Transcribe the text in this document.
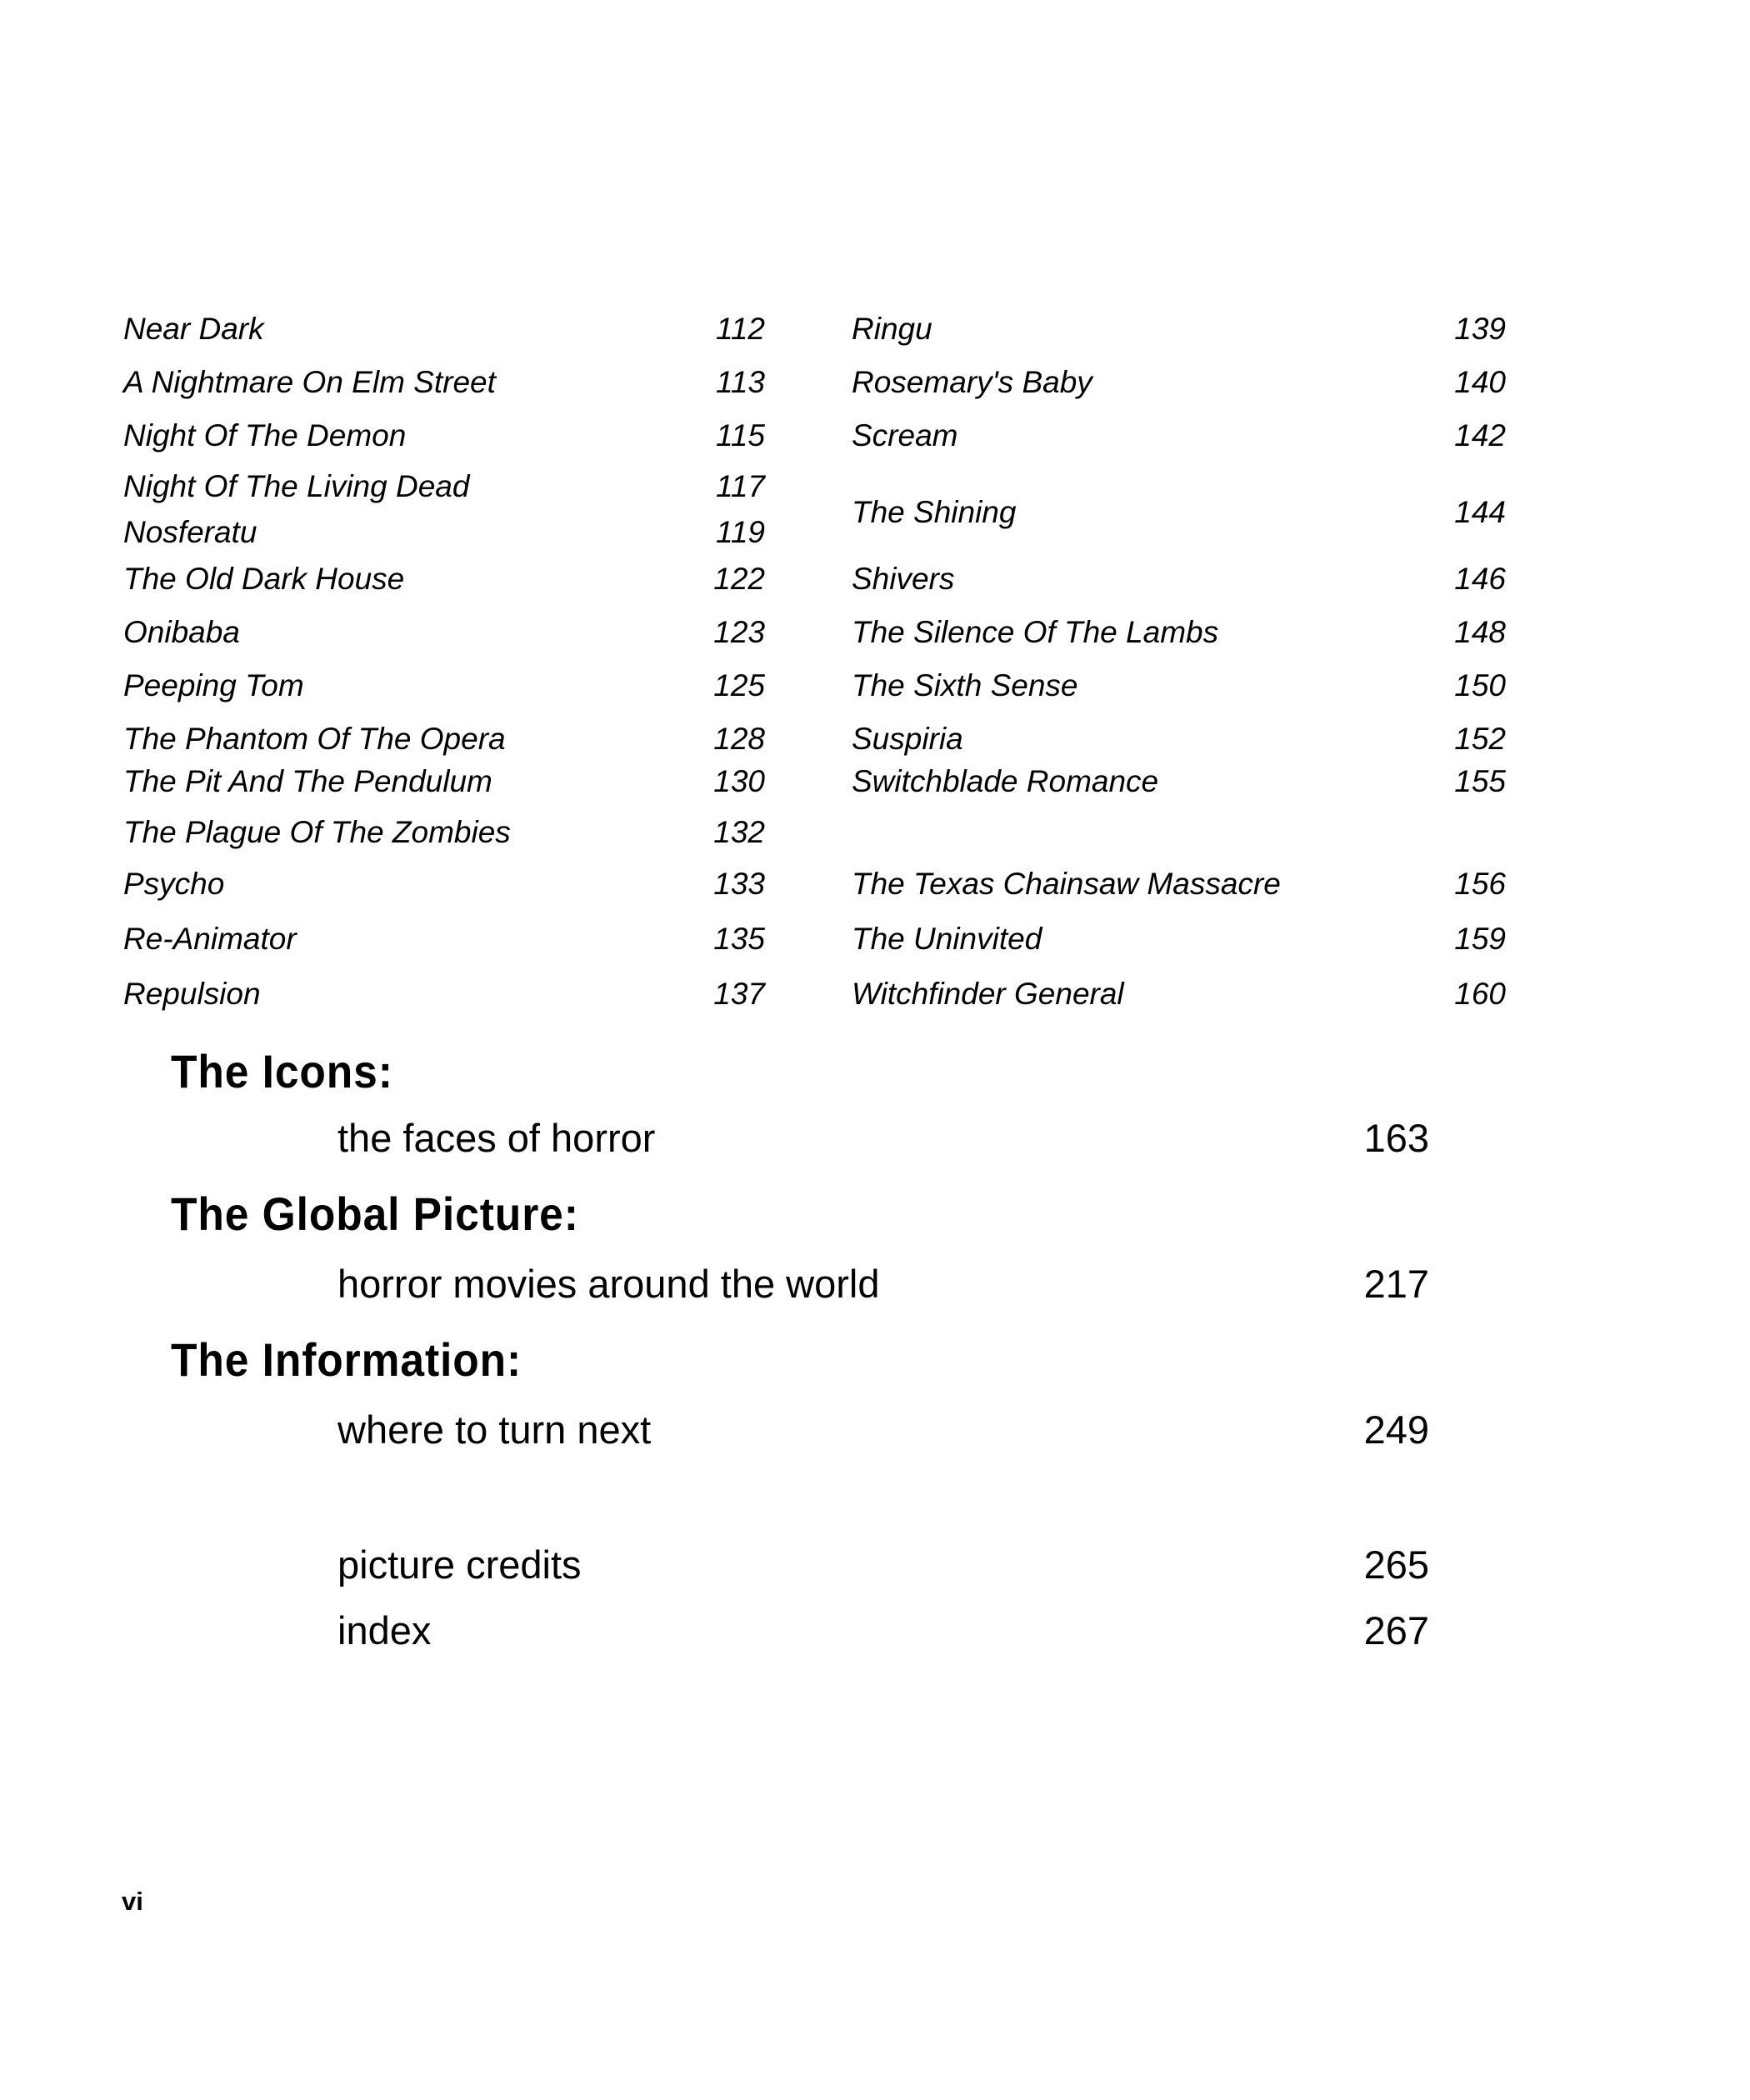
Near Dark	112
A Nightmare On Elm Street	113
Night Of The Demon	115
Night Of The Living Dead	117
Nosferatu	119
The Old Dark House	122
Onibaba	123
Peeping Tom	125
The Phantom Of The Opera	128
The Pit And The Pendulum	130
The Plague Of The Zombies	132
Psycho	133
Re-Animator	135
Repulsion	137
Ringu	139
Rosemary's Baby	140
Scream	142
The Shining	144
Shivers	146
The Silence Of The Lambs	148
The Sixth Sense	150
Suspiria	152
Switchblade Romance	155
The Texas Chainsaw Massacre	156
The Uninvited	159
Witchfinder General	160
The Icons:
the faces of horror	163
The Global Picture:
horror movies around the world	217
The Information:
where to turn next	249
picture credits	265
index	267
vi
